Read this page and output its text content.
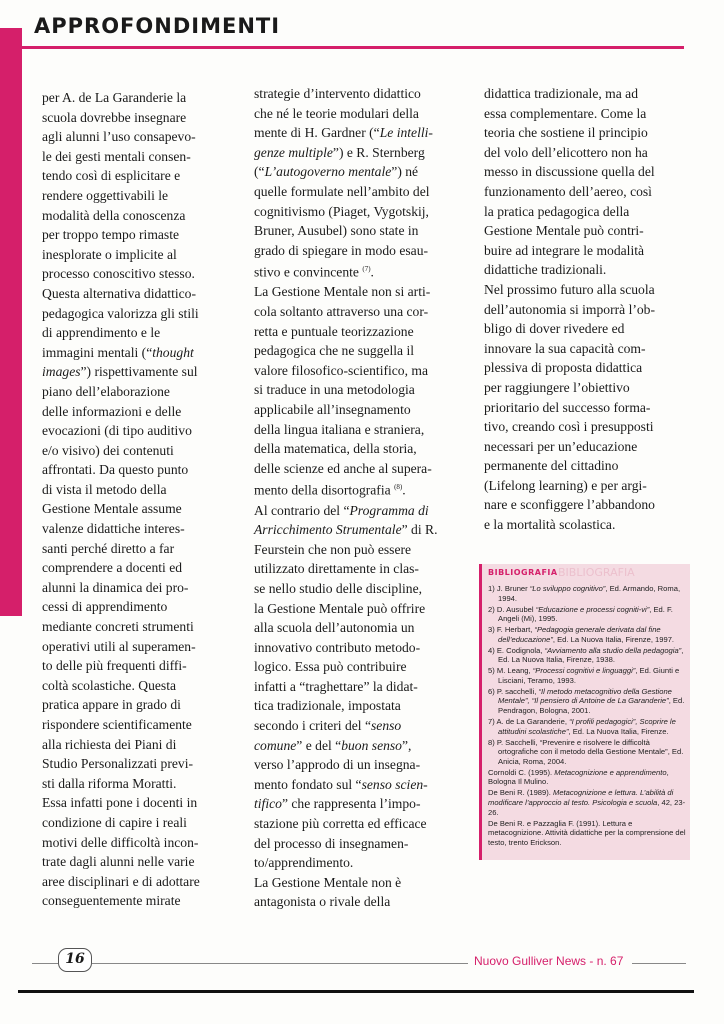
APPROFONDIMENTI

per A. de La Garanderie la

scuola dovrebbe insegnare

agli alunni l’uso consapevo-

le dei gesti mentali consen-

tendo così di esplicitare e

rendere oggettivabili le

modalità della conoscenza

per troppo tempo rimaste

inesplorate o implicite al

processo conoscitivo stesso.

Questa alternativa didattico-

pedagogica valorizza gli stili

di apprendimento e le

immagini mentali (“thought

images”) rispettivamente sul

piano dell’elaborazione

delle informazioni e delle

evocazioni (di tipo auditivo

e/o visivo) dei contenuti

affrontati. Da questo punto

di vista il metodo della

Gestione Mentale assume

valenze didattiche interes-

santi perché diretto a far

comprendere a docenti ed

alunni la dinamica dei pro-

cessi di apprendimento

mediante concreti strumenti

operativi utili al superamen-

to delle più frequenti diffi-

coltà scolastiche. Questa

pratica appare in grado di

rispondere scientificamente

alla richiesta dei Piani di

Studio Personalizzati previ-

sti dalla riforma Moratti.

Essa infatti pone i docenti in

condizione di capire i reali

motivi delle difficoltà incon-

trate dagli alunni nelle varie

aree disciplinari e di adottare

conseguentemente mirate

strategie d’intervento didattico

che né le teorie modulari della

mente di H. Gardner (“Le intelli-

genze multiple”) e R. Sternberg

(“L’autogoverno mentale”) né

quelle formulate nell’ambito del

cognitivismo (Piaget, Vygotskij,

Bruner, Ausubel) sono state in

grado di spiegare in modo esau-

stivo e convincente $^{(7)}$.

La Gestione Mentale non si arti-

cola soltanto attraverso una cor-

retta e puntuale teorizzazione

pedagogica che ne suggella il

valore filosofico-scientifico, ma

si traduce in una metodologia

applicabile all’insegnamento

della lingua italiana e straniera,

della matematica, della storia,

delle scienze ed anche al supera-

mento della disortografia $^{(8)}$.

Al contrario del “Programma di

Arricchimento Strumentale” di R.

Feurstein che non può essere

utilizzato direttamente in clas-

se nello studio delle discipline,

la Gestione Mentale può offrire

alla scuola dell’autonomia un

innovativo contributo metodo-

logico. Essa può contribuire

infatti a “traghettare” la didat-

tica tradizionale, impostata

secondo i criteri del “senso

comune” e del “buon senso”,

verso l’approdo di un insegna-

mento fondato sul “senso scien-

tifico” che rappresenta l’impo-

stazione più corretta ed efficace

del processo di insegnamen-

to/apprendimento.

La Gestione Mentale non è

antagonista o rivale della

didattica tradizionale, ma ad

essa complementare. Come la

teoria che sostiene il principio

del volo dell’elicottero non ha

messo in discussione quella del

funzionamento dell’aereo, così

la pratica pedagogica della

Gestione Mentale può contri-

buire ad integrare le modalità

didattiche tradizionali.

Nel prossimo futuro alla scuola

dell’autonomia si imporrà l’ob-

bligo di dover rivedere ed

innovare la sua capacità com-

plessiva di proposta didattica

per raggiungere l’obiettivo

prioritario del successo forma-

tivo, creando così i presupposti

necessari per un’educazione

permanente del cittadino

(Lifelong learning) e per argi-

nare e sconfiggere l’abbandono

e la mortalità scolastica.

BIBLIOGRAFIA
BIBLIOGRAFIA
1) J. Bruner “Lo sviluppo cognitivo”, Ed. Armando, Roma, 1994.
2) D. Ausubel “Educazione e processi cogniti-vi”, Ed. F. Angeli (Mi), 1995.
3) F. Herbart, “Pedagogia generale derivata dal fine dell’educazione”, Ed. La Nuova Italia, Firenze, 1997.
4) E. Codignola, “Avviamento alla studio della pedagogia”, Ed. La Nuova Italia, Firenze, 1938.
5) M. Leang, “Processi cognitivi e linguaggi”, Ed. Giunti e Lisciani, Teramo, 1993.
6) P. sacchelli, “Il metodo metacognitivo della Gestione Mentale”, “Il pensiero di Antoine de La Garanderie”, Ed. Pendragon, Bologna, 2001.
7) A. de La Garanderie, “I profili pedagogici”, Scoprire le attitudini scolastiche”, Ed. La Nuova Italia, Firenze.
8) P. Sacchelli, “Prevenire e risolvere le difficoltà ortografiche con il metodo della Gestione Mentale”, Ed. Anicia, Roma, 2004.
Cornoldi C. (1995). Metacognizione e apprendimento, Bologna Il Mulino.
De Beni R. (1989). Metacognizione e lettura. L’abilità di modificare l’approccio al testo. Psicologia e scuola, 42, 23-26.
De Beni R. e Pazzaglia F. (1991). Lettura e metacognizione. Attività didattiche per la comprensione del testo, trento Erickson.
16	Nuovo Gulliver News - n. 67
